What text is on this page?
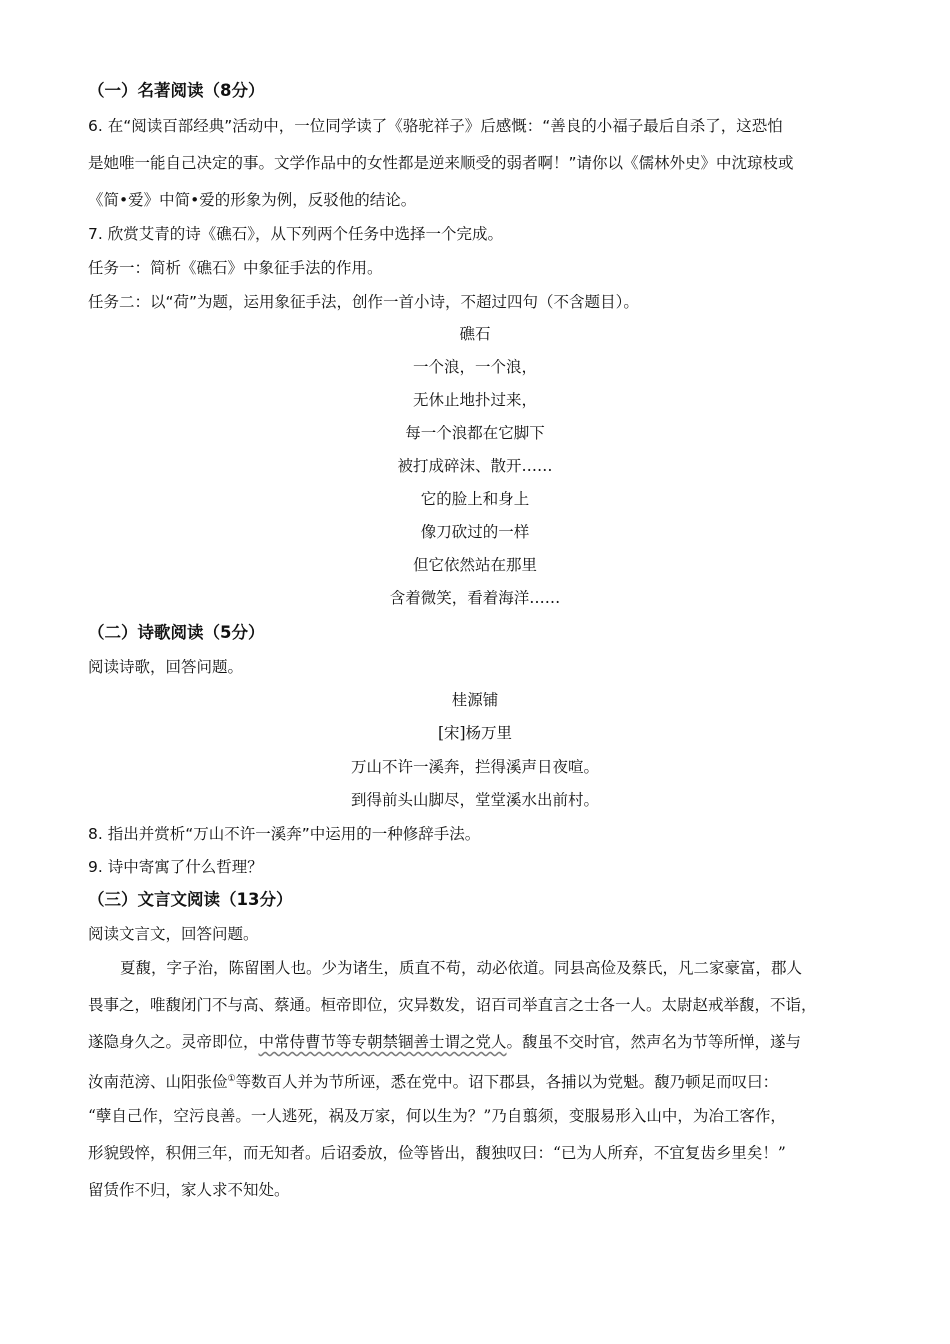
（一）名著阅读（8分）
6. 在“阅读百部经典”活动中，一位同学读了《骆驼祥子》后感慨：“善良的小福子最后自杀了，这恐怕
是她唯一能自己决定的事。文学作品中的女性都是逆来顺受的弱者啊！”请你以《儒林外史》中沈琼枝或
《简•爱》中简•爱的形象为例，反驳他的结论。
7. 欣赏艾青的诗《礁石》，从下列两个任务中选择一个完成。
任务一：简析《礁石》中象征手法的作用。
任务二：以“荷”为题，运用象征手法，创作一首小诗，不超过四句（不含题目）。
礁石
一个浪，一个浪，
无休止地扑过来，
每一个浪都在它脚下
被打成碎沫、散开……
它的脸上和身上
像刀砍过的一样
但它依然站在那里
含着微笑，看着海洋……
（二）诗歌阅读（5分）
阅读诗歌，回答问题。
桂源铺
[宋]杨万里
万山不许一溪奔，拦得溪声日夜喧。
到得前头山脚尽，堂堂溪水出前村。
8. 指出并赏析“万山不许一溪奔”中运用的一种修辞手法。
9. 诗中寄寓了什么哲理？
（三）文言文阅读（13分）
阅读文言文，回答问题。
夏馥，字子治，陈留圉人也。少为诸生，质直不苟，动必依道。同县高俭及蔡氏，凡二家豪富，郡人
畏事之，唯馥闭门不与高、蔡通。桓帝即位，灾异数发，诏百司举直言之士各一人。太尉赵戒举馥，不诣，
遂隐身久之。灵帝即位，中常侍曹节等专朝禁锢善士谓之党人。馥虽不交时官，然声名为节等所惮，遂与
汝南范滂、山阳张俭①等数百人并为节所诬，悉在党中。诏下郡县，各捕以为党魁。馥乃顿足而叹曰：
“孽自己作，空污良善。一人逃死，祸及万家，何以生为？”乃自翦须，变服易形入山中，为冶工客作，
形貌毁悴，积佣三年，而无知者。后诏委放，俭等皆出，馥独叹曰：“已为人所弃，不宜复齿乡里矣！”
留赁作不归，家人求不知处。
